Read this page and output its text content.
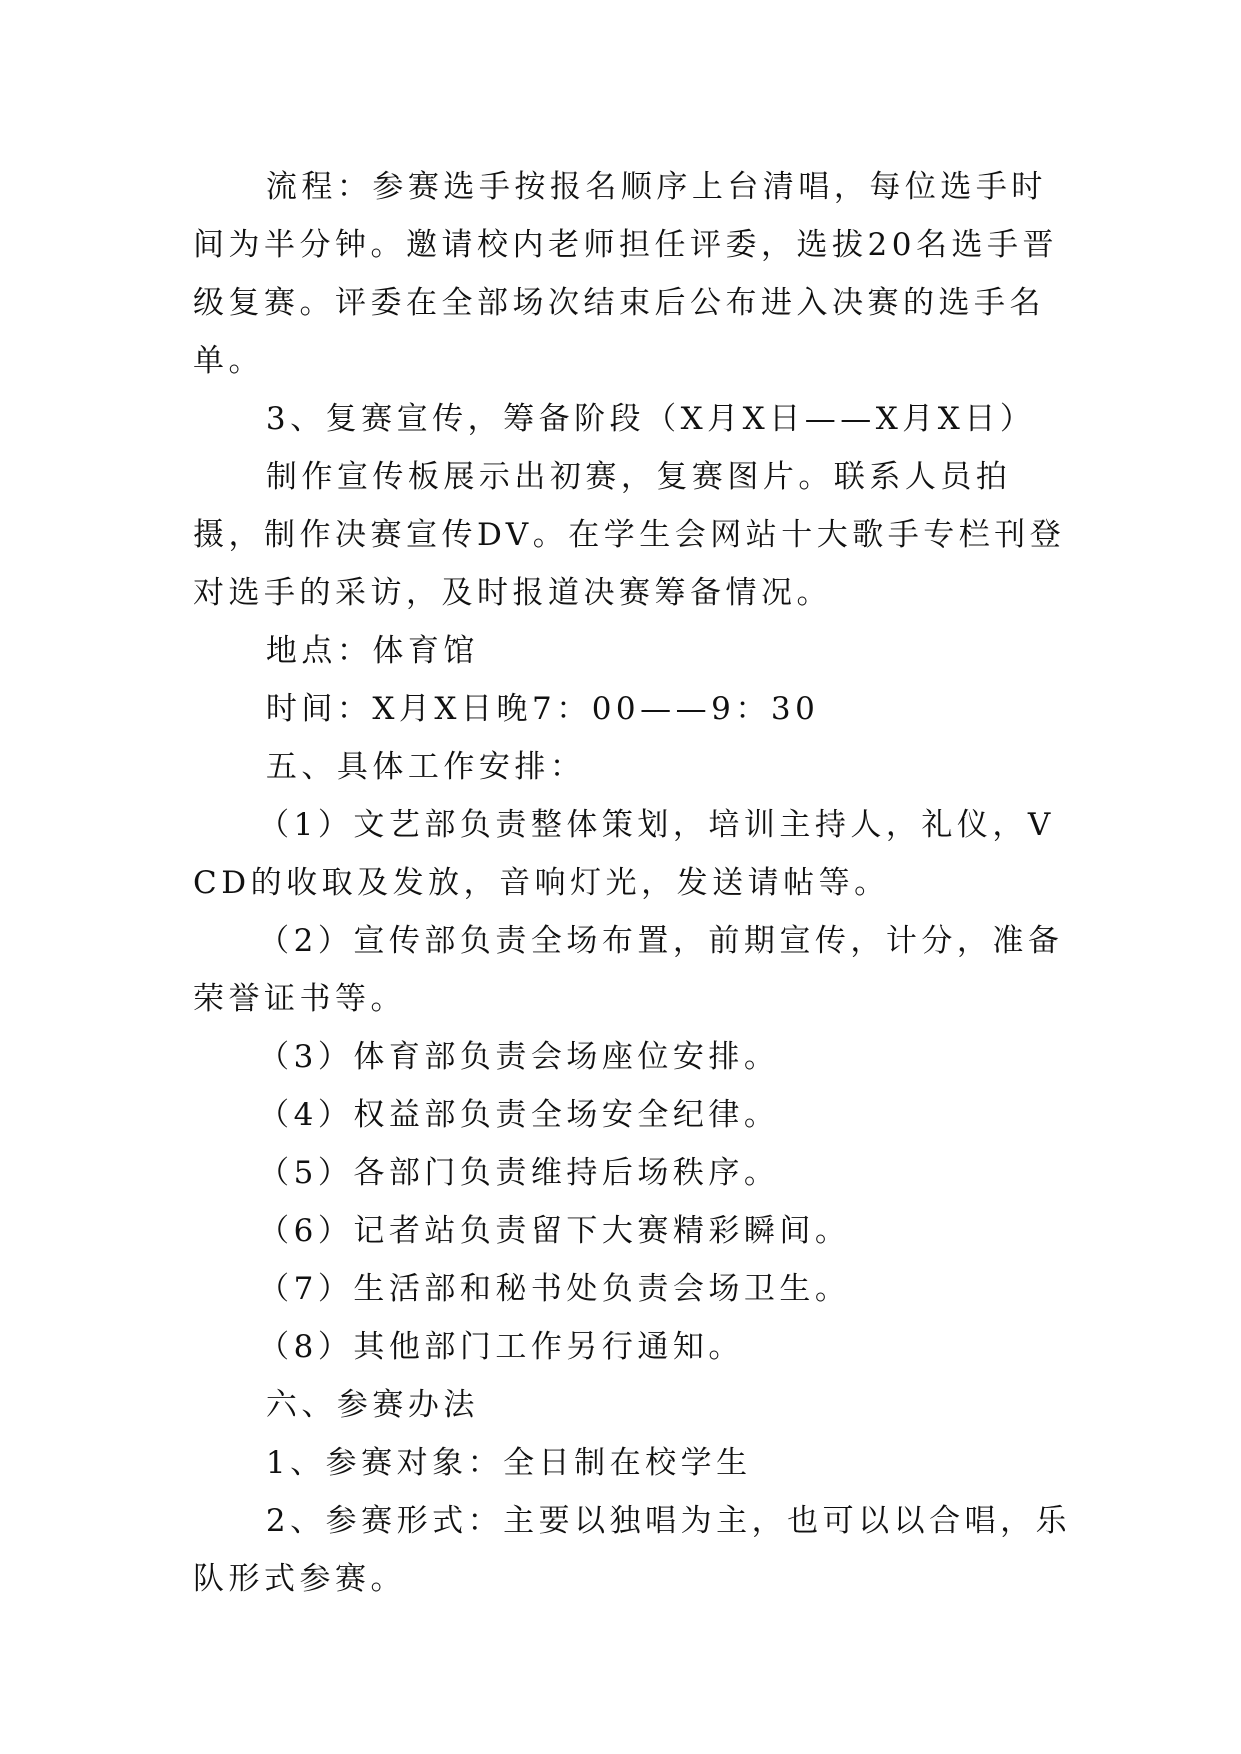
流程：参赛选手按报名顺序上台清唱，每位选手时间为半分钟。邀请校内老师担任评委，选拔20名选手晋级复赛。评委在全部场次结束后公布进入决赛的选手名单。

3、复赛宣传，筹备阶段（X月X日——X月X日）

制作宣传板展示出初赛，复赛图片。联系人员拍摄，制作决赛宣传DV。在学生会网站十大歌手专栏刊登对选手的采访，及时报道决赛筹备情况。

地点：体育馆

时间：X月X日晚7：00——9：30

五、具体工作安排：

（1）文艺部负责整体策划，培训主持人，礼仪，VCD的收取及发放，音响灯光，发送请帖等。

（2）宣传部负责全场布置，前期宣传，计分，准备荣誉证书等。

（3）体育部负责会场座位安排。

（4）权益部负责全场安全纪律。

（5）各部门负责维持后场秩序。

（6）记者站负责留下大赛精彩瞬间。

（7）生活部和秘书处负责会场卫生。

（8）其他部门工作另行通知。

六、参赛办法

1、参赛对象：全日制在校学生

2、参赛形式：主要以独唱为主，也可以以合唱，乐队形式参赛。
